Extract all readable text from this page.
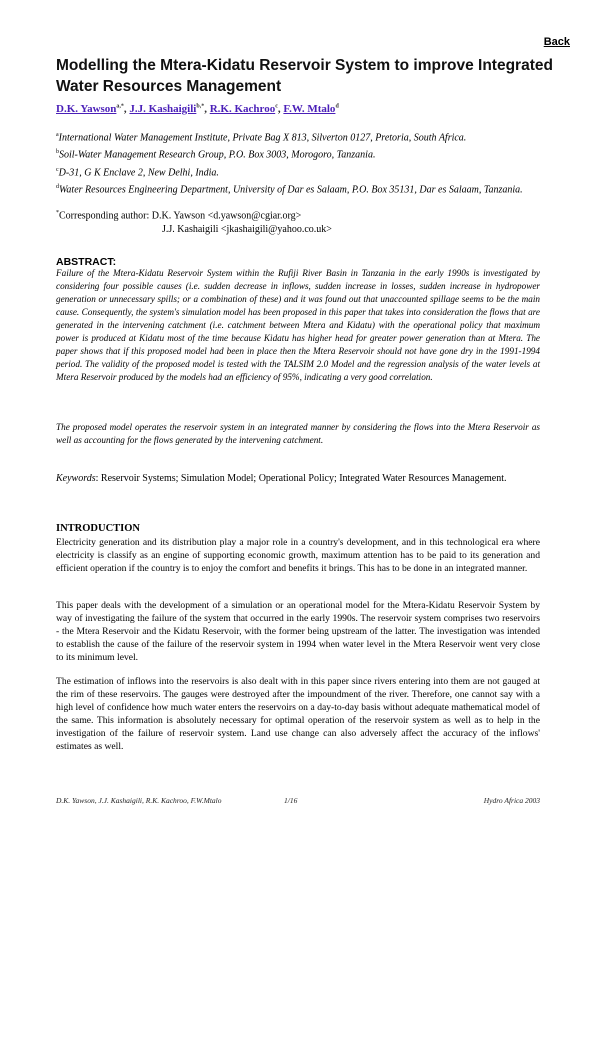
Back
Modelling the Mtera-Kidatu Reservoir System to improve Integrated Water Resources Management

D.K. Yawson$^{a,*}$, J.J. Kashaigili$^{b,*}$, R.K. Kachroo$^c$, F.W. Mtalo$^d$

$^a$International Water Management Institute, Private Bag X 813, Silverton 0127, Pretoria, South Africa.

$^b$Soil-Water Management Research Group, P.O. Box 3003, Morogoro, Tanzania.

$^c$D-31, G K Enclave 2, New Delhi, India.

$^d$Water Resources Engineering Department, University of Dar es Salaam, P.O. Box 35131, Dar es Salaam, Tanzania.

*Corresponding author: D.K. Yawson <d.yawson@cgiar.org>

J.J. Kashaigili <jkashaigili@yahoo.co.uk>

ABSTRACT:

Failure of the Mtera-Kidatu Reservoir System within the Rufiji River Basin in Tanzania in the early 1990s is investigated by considering four possible causes (i.e. sudden decrease in inflows, sudden increase in losses, sudden increase in hydropower generation or unnecessary spills; or a combination of these) and it was found out that unaccounted spillage seems to be the main cause. Consequently, the system's simulation model has been proposed in this paper that takes into consideration the flows that are generated in the intervening catchment (i.e. catchment between Mtera and Kidatu) with the operational policy that maximum power is produced at Kidatu most of the time because Kidatu has higher head for greater power generation than at Mtera. The paper shows that if this proposed model had been in place then the Mtera Reservoir should not have gone dry in the 1991-1994 period. The validity of the proposed model is tested with the TALSIM 2.0 Model and the regression analysis of the water levels at Mtera Reservoir produced by the models had an efficiency of 95%, indicating a very good correlation.

The proposed model operates the reservoir system in an integrated manner by considering the flows into the Mtera Reservoir as well as accounting for the flows generated by the intervening catchment.

Keywords: Reservoir Systems; Simulation Model; Operational Policy; Integrated Water Resources Management.

INTRODUCTION

Electricity generation and its distribution play a major role in a country's development, and in this technological era where electricity is classify as an engine of supporting economic growth, maximum attention has to be paid to its generation and efficient operation if the country is to enjoy the comfort and benefits it brings. This has to be done in an integrated manner.

This paper deals with the development of a simulation or an operational model for the Mtera-Kidatu Reservoir System by way of investigating the failure of the system that occurred in the early 1990s. The reservoir system comprises two reservoirs - the Mtera Reservoir and the Kidatu Reservoir, with the former being upstream of the latter. The investigation was intended to establish the cause of the failure of the reservoir system in 1994 when water level in the Mtera Reservoir went very close to its minimum level.

The estimation of inflows into the reservoirs is also dealt with in this paper since rivers entering into them are not gauged at the rim of these reservoirs. The gauges were destroyed after the impoundment of the river. Therefore, one cannot say with a high level of confidence how much water enters the reservoirs on a day-to-day basis without adequate mathematical model of the same. This information is absolutely necessary for optimal operation of the reservoir system as well as to help in the investigation of the failure of reservoir system. Land use change can also adversely affect the accuracy of the inflows' estimates as well.

D.K. Yawson, J.J. Kashaigili, R.K. Kachroo, F.W.Mtalo	1/16	Hydro Africa 2003
